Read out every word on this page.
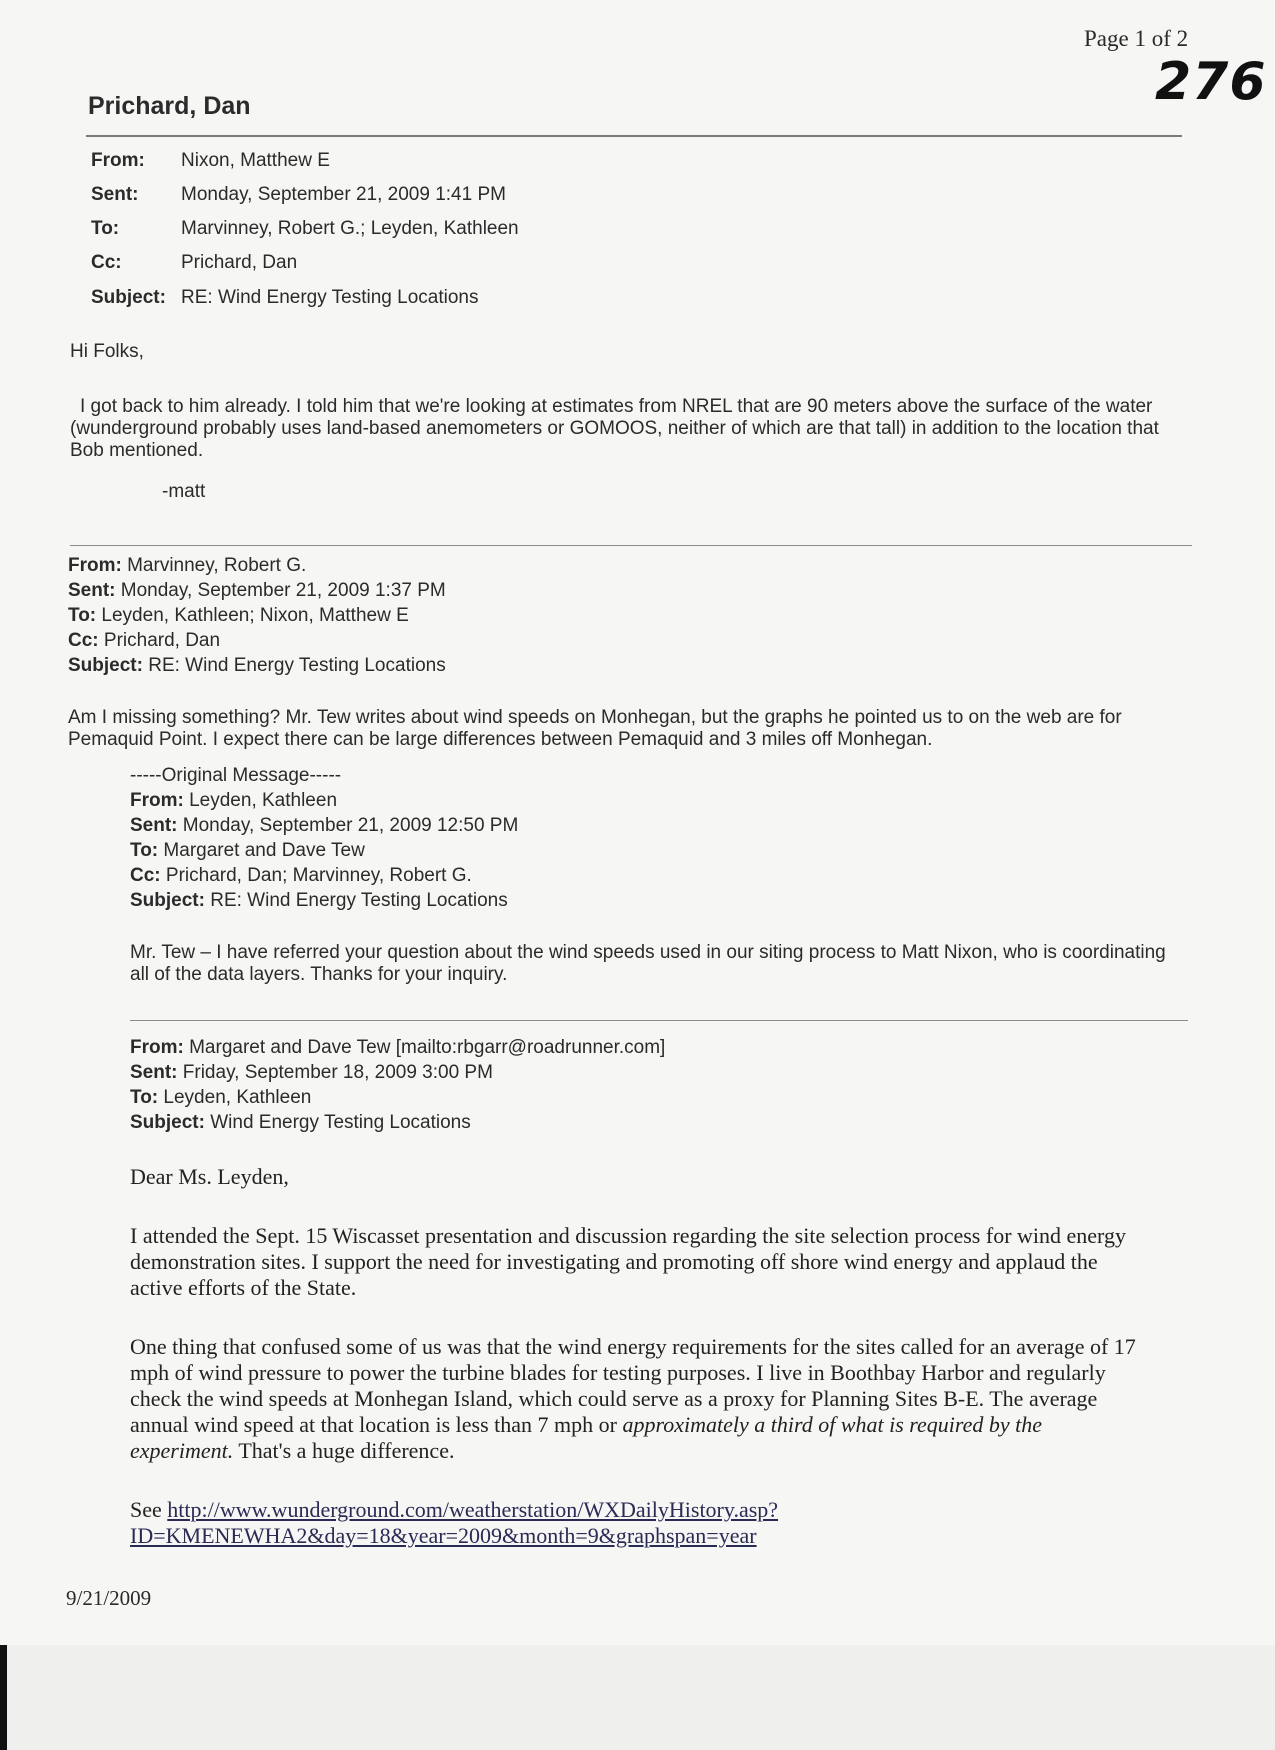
Page 1 of 2
276
Prichard, Dan
From: Nixon, Matthew E
Sent: Monday, September 21, 2009 1:41 PM
To:	Marvinney, Robert G.; Leyden, Kathleen
Cc:	Prichard, Dan
Subject: RE: Wind Energy Testing Locations
Hi Folks,
I got back to him already. I told him that we're looking at estimates from NREL that are 90 meters above the surface of the water (wunderground probably uses land-based anemometers or GOMOOS, neither of which are that tall) in addition to the location that Bob mentioned.
-matt
From: Marvinney, Robert G.
Sent: Monday, September 21, 2009 1:37 PM
To: Leyden, Kathleen; Nixon, Matthew E
Cc: Prichard, Dan
Subject: RE: Wind Energy Testing Locations
Am I missing something? Mr. Tew writes about wind speeds on Monhegan, but the graphs he pointed us to on the web are for Pemaquid Point. I expect there can be large differences between Pemaquid and 3 miles off Monhegan.
-----Original Message-----
From: Leyden, Kathleen
Sent: Monday, September 21, 2009 12:50 PM
To: Margaret and Dave Tew
Cc: Prichard, Dan; Marvinney, Robert G.
Subject: RE: Wind Energy Testing Locations
Mr. Tew – I have referred your question about the wind speeds used in our siting process to Matt Nixon, who is coordinating all of the data layers. Thanks for your inquiry.
From: Margaret and Dave Tew [mailto:rbgarr@roadrunner.com]
Sent: Friday, September 18, 2009 3:00 PM
To: Leyden, Kathleen
Subject: Wind Energy Testing Locations
Dear Ms. Leyden,
I attended the Sept. 15 Wiscasset presentation and discussion regarding the site selection process for wind energy demonstration sites. I support the need for investigating and promoting off shore wind energy and applaud the active efforts of the State.
One thing that confused some of us was that the wind energy requirements for the sites called for an average of 17 mph of wind pressure to power the turbine blades for testing purposes. I live in Boothbay Harbor and regularly check the wind speeds at Monhegan Island, which could serve as a proxy for Planning Sites B-E. The average annual wind speed at that location is less than 7 mph or approximately a third of what is required by the experiment. That's a huge difference.
See http://www.wunderground.com/weatherstation/WXDailyHistory.asp?
ID=KMENEWHA2&day=18&year=2009&month=9&graphspan=year
9/21/2009
